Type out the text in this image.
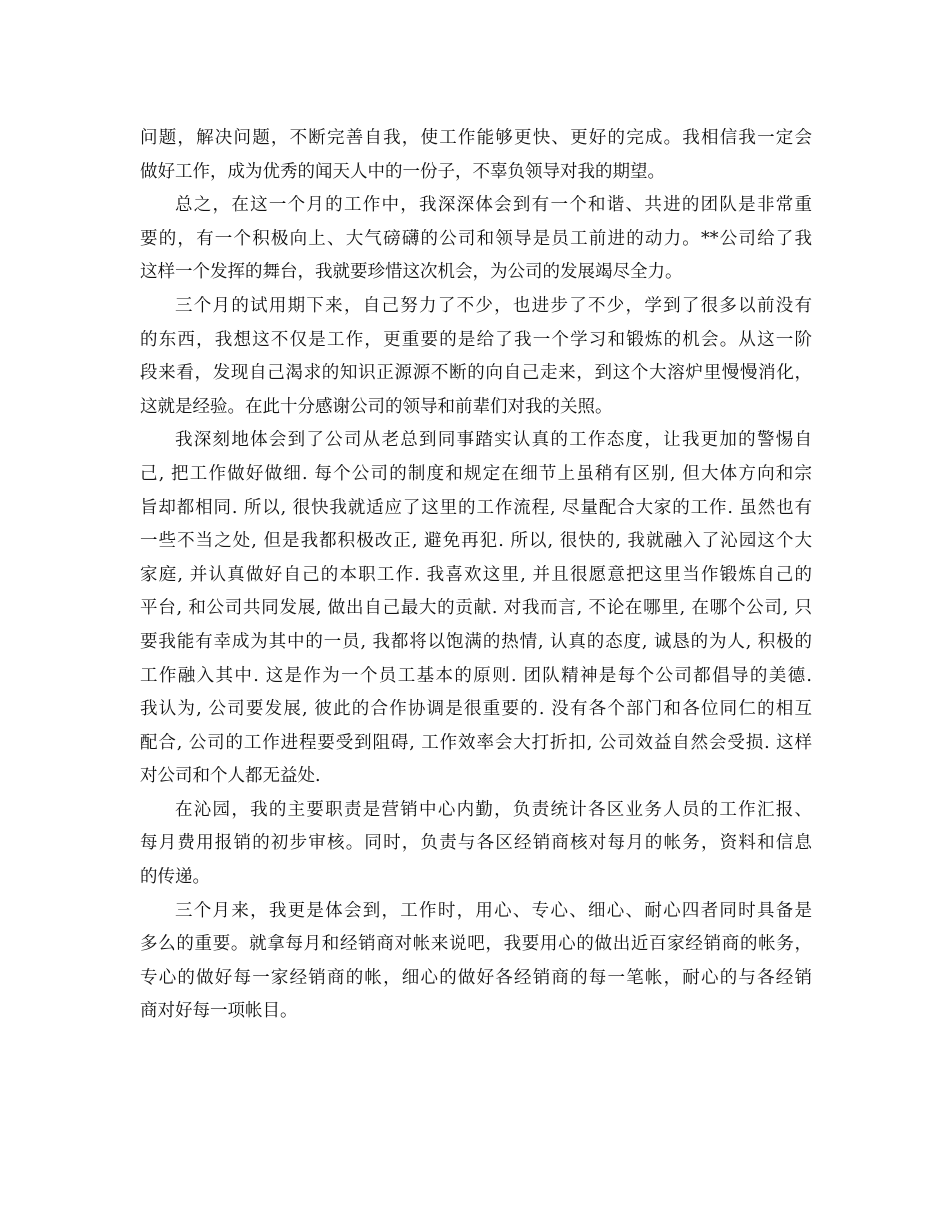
问题，解决问题，不断完善自我，使工作能够更快、更好的完成。我相信我一定会
做好工作，成为优秀的闻天人中的一份子，不辜负领导对我的期望。
总之，在这一个月的工作中，我深深体会到有一个和谐、共进的团队是非常重
要的，有一个积极向上、大气磅礴的公司和领导是员工前进的动力。**公司给了我
这样一个发挥的舞台，我就要珍惜这次机会，为公司的发展竭尽全力。
三个月的试用期下来，自己努力了不少，也进步了不少，学到了很多以前没有
的东西，我想这不仅是工作，更重要的是给了我一个学习和锻炼的机会。从这一阶
段来看，发现自己渴求的知识正源源不断的向自己走来，到这个大溶炉里慢慢消化，
这就是经验。在此十分感谢公司的领导和前辈们对我的关照。
我深刻地体会到了公司从老总到同事踏实认真的工作态度，让我更加的警惕自
己, 把工作做好做细. 每个公司的制度和规定在细节上虽稍有区别, 但大体方向和宗
旨却都相同. 所以, 很快我就适应了这里的工作流程, 尽量配合大家的工作. 虽然也有
一些不当之处, 但是我都积极改正, 避免再犯. 所以, 很快的, 我就融入了沁园这个大
家庭, 并认真做好自己的本职工作. 我喜欢这里, 并且很愿意把这里当作锻炼自己的
平台, 和公司共同发展, 做出自己最大的贡献. 对我而言, 不论在哪里, 在哪个公司, 只
要我能有幸成为其中的一员, 我都将以饱满的热情, 认真的态度, 诚恳的为人, 积极的
工作融入其中. 这是作为一个员工基本的原则. 团队精神是每个公司都倡导的美德.
我认为, 公司要发展, 彼此的合作协调是很重要的. 没有各个部门和各位同仁的相互
配合, 公司的工作进程要受到阻碍, 工作效率会大打折扣, 公司效益自然会受损. 这样
对公司和个人都无益处.
在沁园，我的主要职责是营销中心内勤，负责统计各区业务人员的工作汇报、
每月费用报销的初步审核。同时，负责与各区经销商核对每月的帐务，资料和信息
的传递。
三个月来，我更是体会到，工作时，用心、专心、细心、耐心四者同时具备是
多么的重要。就拿每月和经销商对帐来说吧，我要用心的做出近百家经销商的帐务，
专心的做好每一家经销商的帐，细心的做好各经销商的每一笔帐，耐心的与各经销
商对好每一项帐目。
